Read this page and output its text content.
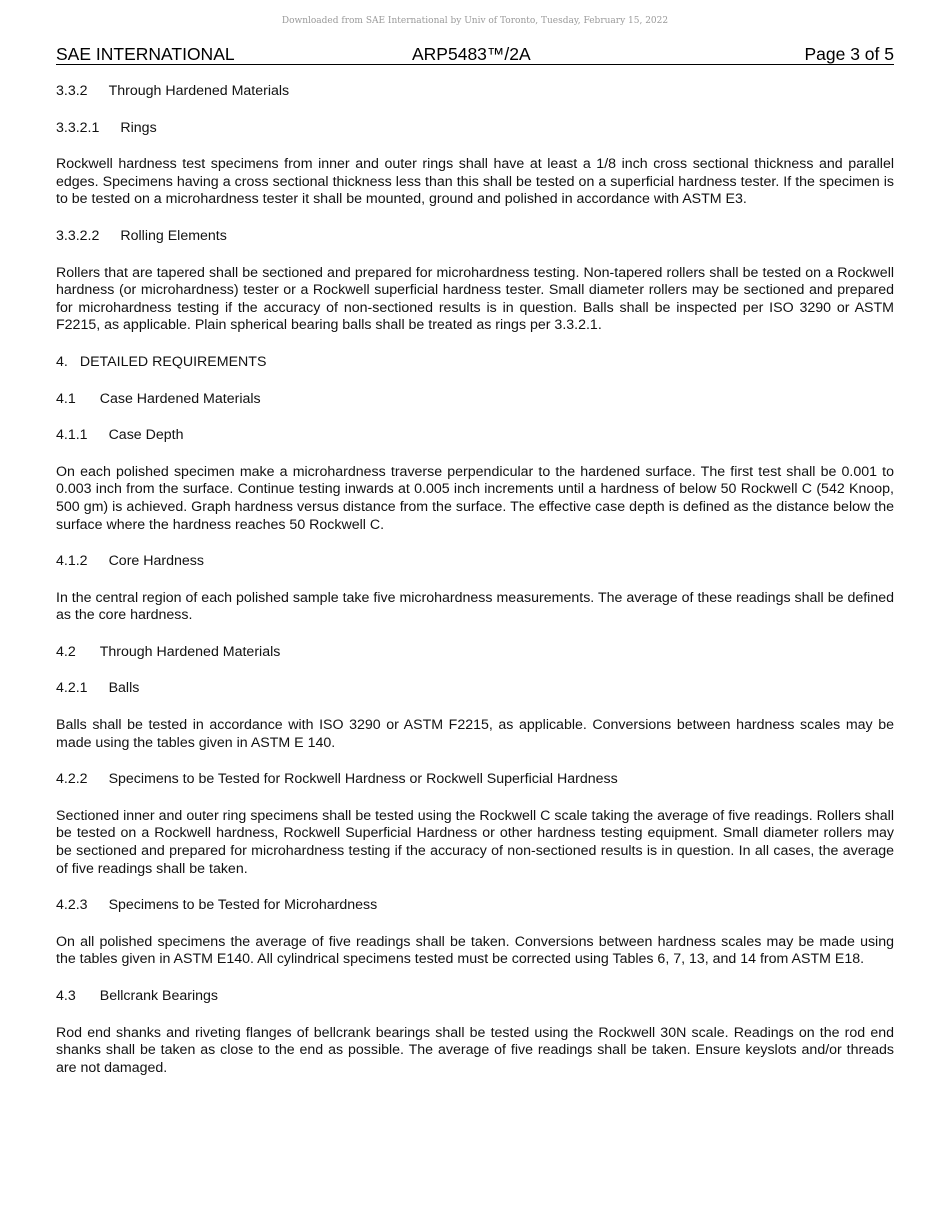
Downloaded from SAE International by Univ of Toronto, Tuesday, February 15, 2022
SAE INTERNATIONAL	ARP5483™/2A	Page 3 of 5
3.3.2 Through Hardened Materials
3.3.2.1 Rings
Rockwell hardness test specimens from inner and outer rings shall have at least a 1/8 inch cross sectional thickness and parallel edges. Specimens having a cross sectional thickness less than this shall be tested on a superficial hardness tester. If the specimen is to be tested on a microhardness tester it shall be mounted, ground and polished in accordance with ASTM E3.
3.3.2.2 Rolling Elements
Rollers that are tapered shall be sectioned and prepared for microhardness testing. Non-tapered rollers shall be tested on a Rockwell hardness (or microhardness) tester or a Rockwell superficial hardness tester. Small diameter rollers may be sectioned and prepared for microhardness testing if the accuracy of non-sectioned results is in question. Balls shall be inspected per ISO 3290 or ASTM F2215, as applicable. Plain spherical bearing balls shall be treated as rings per 3.3.2.1.
4. DETAILED REQUIREMENTS
4.1 Case Hardened Materials
4.1.1 Case Depth
On each polished specimen make a microhardness traverse perpendicular to the hardened surface. The first test shall be 0.001 to 0.003 inch from the surface. Continue testing inwards at 0.005 inch increments until a hardness of below 50 Rockwell C (542 Knoop, 500 gm) is achieved. Graph hardness versus distance from the surface. The effective case depth is defined as the distance below the surface where the hardness reaches 50 Rockwell C.
4.1.2 Core Hardness
In the central region of each polished sample take five microhardness measurements. The average of these readings shall be defined as the core hardness.
4.2 Through Hardened Materials
4.2.1 Balls
Balls shall be tested in accordance with ISO 3290 or ASTM F2215, as applicable. Conversions between hardness scales may be made using the tables given in ASTM E 140.
4.2.2 Specimens to be Tested for Rockwell Hardness or Rockwell Superficial Hardness
Sectioned inner and outer ring specimens shall be tested using the Rockwell C scale taking the average of five readings. Rollers shall be tested on a Rockwell hardness, Rockwell Superficial Hardness or other hardness testing equipment. Small diameter rollers may be sectioned and prepared for microhardness testing if the accuracy of non-sectioned results is in question. In all cases, the average of five readings shall be taken.
4.2.3 Specimens to be Tested for Microhardness
On all polished specimens the average of five readings shall be taken. Conversions between hardness scales may be made using the tables given in ASTM E140. All cylindrical specimens tested must be corrected using Tables 6, 7, 13, and 14 from ASTM E18.
4.3 Bellcrank Bearings
Rod end shanks and riveting flanges of bellcrank bearings shall be tested using the Rockwell 30N scale. Readings on the rod end shanks shall be taken as close to the end as possible. The average of five readings shall be taken. Ensure keyslots and/or threads are not damaged.
